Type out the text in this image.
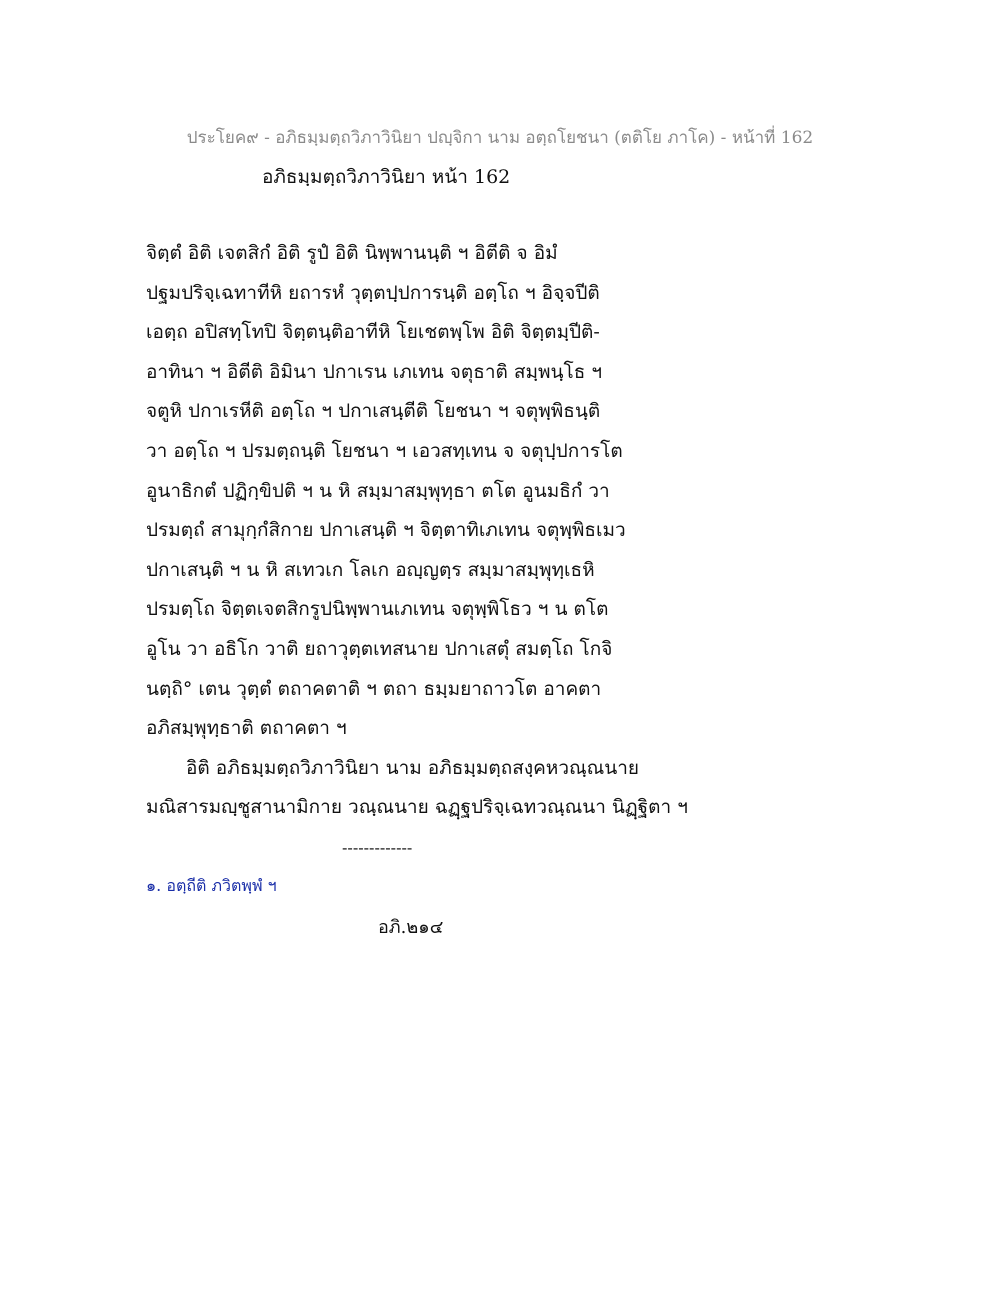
ประโยค๙ - อภิธมฺมตฺถวิภาวินิยา ปญฺจิกา นาม อตฺถโยชนา (ตติโย ภาโค) - หน้าที่ 162
อภิธมฺมตฺถวิภาวินิยา หน้า 162
จิตฺตํ อิติ เจตสิกํ อิติ รูปํ อิติ นิพฺพานนฺติ ฯ อิตีติ จ อิมํ
ปฐมปริจฺเฉทาทีหิ ยถารหํ วุตฺตปฺปการนฺติ อตฺโถ ฯ อิจฺจปีติ
เอตฺถ อปิสทฺโทปิ จิตฺตนฺติอาทีหิ โยเชตพฺโพ อิติ จิตฺตมฺปีติ-
อาทินา ฯ อิตีติ อิมินา ปกาเรน เภเทน จตุธาติ สมฺพนฺโธ ฯ
จตูหิ ปกาเรหีติ อตฺโถ ฯ ปกาเสนฺตีติ โยชนา ฯ จตุพฺพิธนฺติ
วา อตฺโถ ฯ ปรมตฺถนฺติ โยชนา ฯ เอวสทฺเทน จ จตุปฺปการโต
อูนาธิกตํ ปฏิกฺขิปติ ฯ น หิ สมฺมาสมฺพุทฺธา ตโต อูนมธิกํ วา
ปรมตฺถํ สามุกฺกํสิกาย ปกาเสนฺติ ฯ จิตฺตาทิเภเทน จตุพฺพิธเมว
ปกาเสนฺติ ฯ น หิ สเทวเก โลเก อญฺญตฺร สมฺมาสมฺพุทฺเธหิ
ปรมตฺโถ จิตฺตเจตสิกรูปนิพฺพานเภเทน จตุพฺพิโธว ฯ น ตโต
อูโน วา อธิโก วาติ ยถาวุตฺตเทสนาย ปกาเสตุํ สมตฺโถ โกจิ
นตฺถิ° เตน วุตฺตํ ตถาคตาติ ฯ ตถา ธมฺมยาถาวโต อาคตา
อภิสมฺพุทฺธาติ ตถาคตา ฯ
อิติ อภิธมฺมตฺถวิภาวินิยา นาม อภิธมฺมตฺถสงฺคหวณฺณนาย
มณิสารมญฺชูสานามิกาย วณฺณนาย ฉฏฺฐปริจฺเฉทวณฺณนา นิฏฺฐิตา ฯ
-------------
๑. อตฺถีติ ภวิตพฺพํ ฯ
อภิ.๒๑๔
